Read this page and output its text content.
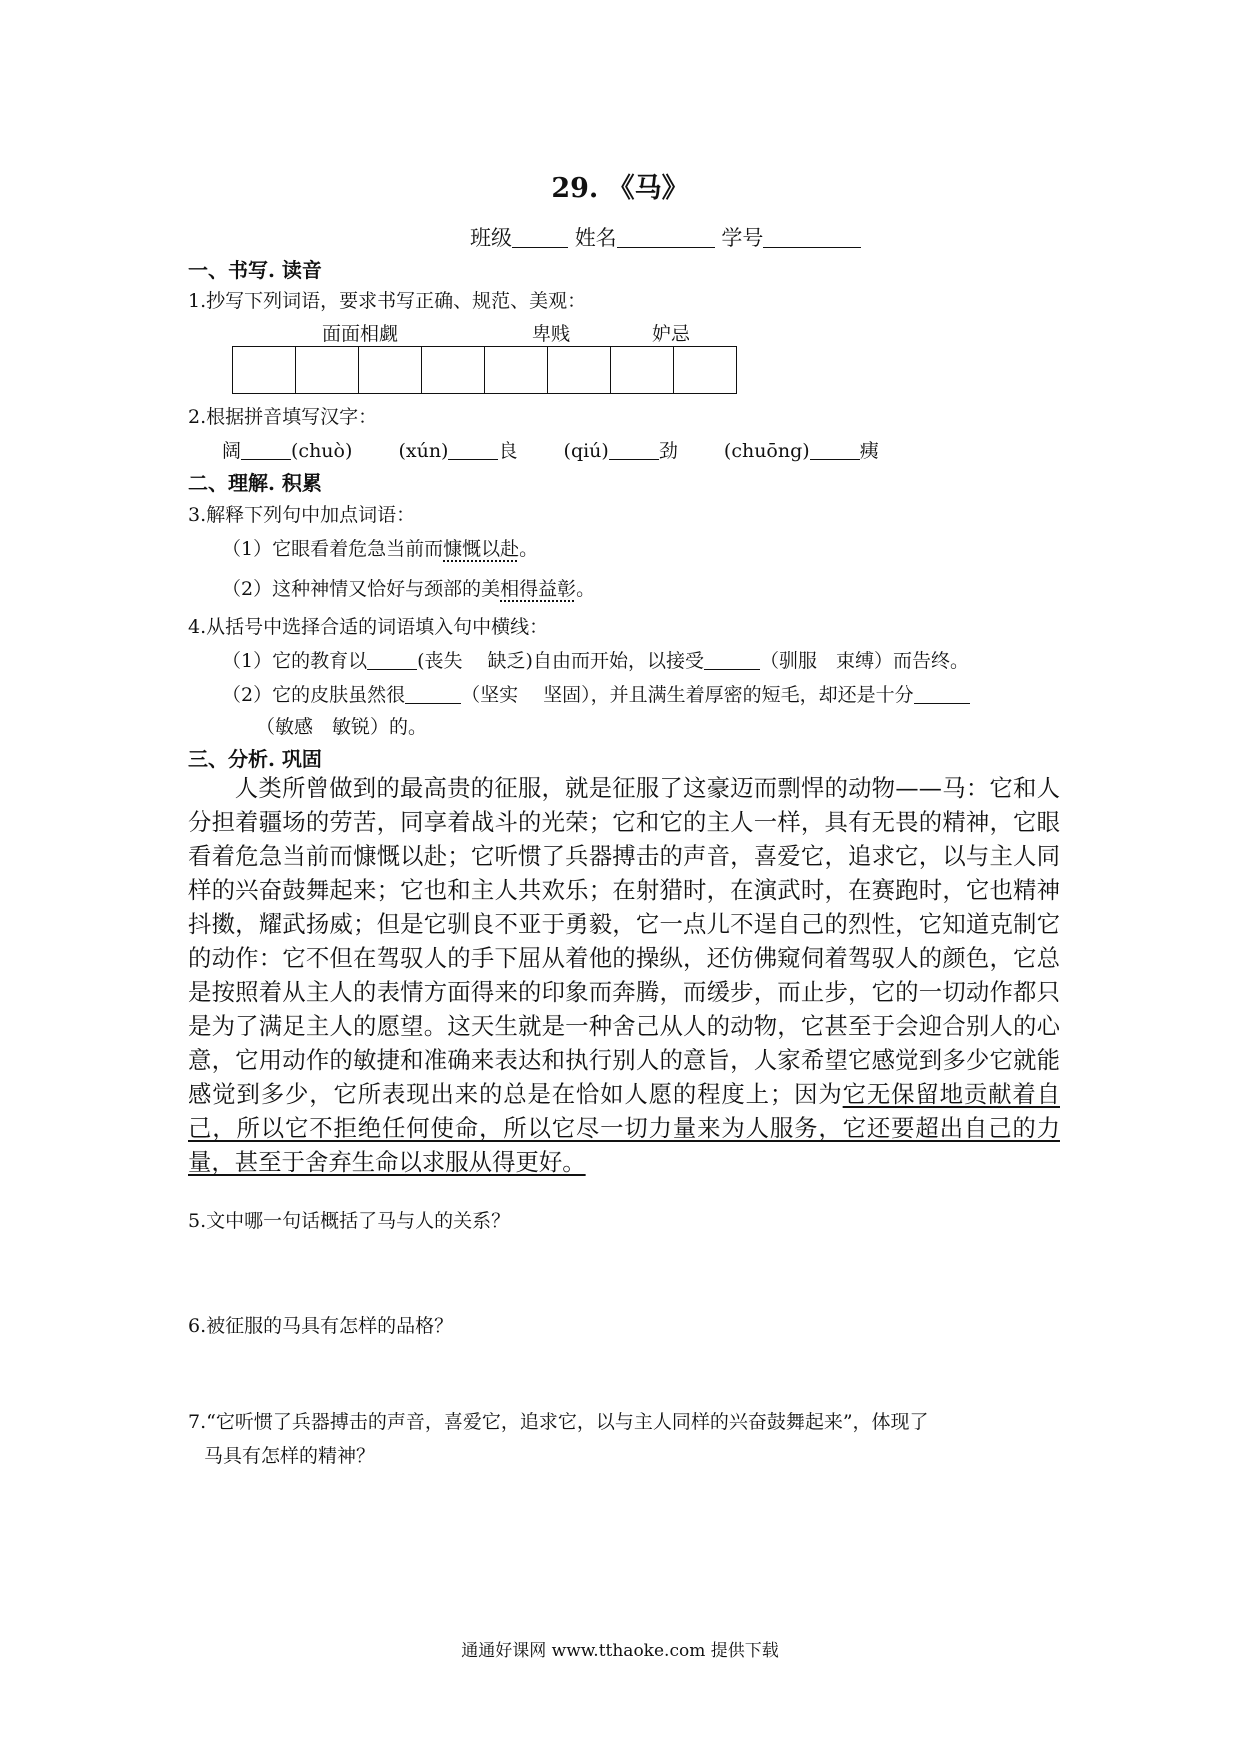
29. 《马》
班级	姓名	学号
一、书写. 读音
1.抄写下列词语，要求书写正确、规范、美观：
面面相觑	卑贱	妒忌
2.根据拼音填写汉字：
阔	(chuò) (xún)	良 (qiú)	劲 (chuōng)	痍
二、理解. 积累
3.解释下列句中加点词语：
（1）它眼看着危急当前而慷慨以赴。
（2）这种神情又恰好与颈部的美相得益彰。
4.从括号中选择合适的词语填入句中横线：
（1）它的教育以	(丧失　 缺乏)自由而开始，以接受	（驯服　束缚）而告终。
（2）它的皮肤虽然很	（坚实　 坚固），并且满生着厚密的短毛，却还是十分
（敏感　敏锐）的。
三、分析. 巩固
人类所曾做到的最高贵的征服，就是征服了这豪迈而剽悍的动物——马：它和人分担着疆场的劳苦，同享着战斗的光荣；它和它的主人一样，具有无畏的精神，它眼看着危急当前而慷慨以赴；它听惯了兵器搏击的声音，喜爱它，追求它，以与主人同样的兴奋鼓舞起来；它也和主人共欢乐；在射猎时，在演武时，在赛跑时，它也精神抖擞，耀武扬威；但是它驯良不亚于勇毅，它一点儿不逞自己的烈性，它知道克制它的动作：它不但在驾驭人的手下屈从着他的操纵，还仿佛窥伺着驾驭人的颜色，它总是按照着从主人的表情方面得来的印象而奔腾，而缓步，而止步，它的一切动作都只是为了满足主人的愿望。这天生就是一种舍己从人的动物，它甚至于会迎合别人的心意，它用动作的敏捷和准确来表达和执行别人的意旨，人家希望它感觉到多少它就能感觉到多少，它所表现出来的总是在恰如人愿的程度上；因为它无保留地贡献着自己，所以它不拒绝任何使命，所以它尽一切力量来为人服务，它还要超出自己的力量，甚至于舍弃生命以求服从得更好。
5.文中哪一句话概括了马与人的关系？
6.被征服的马具有怎样的品格？
7.“它听惯了兵器搏击的声音，喜爱它，追求它，以与主人同样的兴奋鼓舞起来”，体现了
马具有怎样的精神？
通通好课网 www.tthaoke.com 提供下载
